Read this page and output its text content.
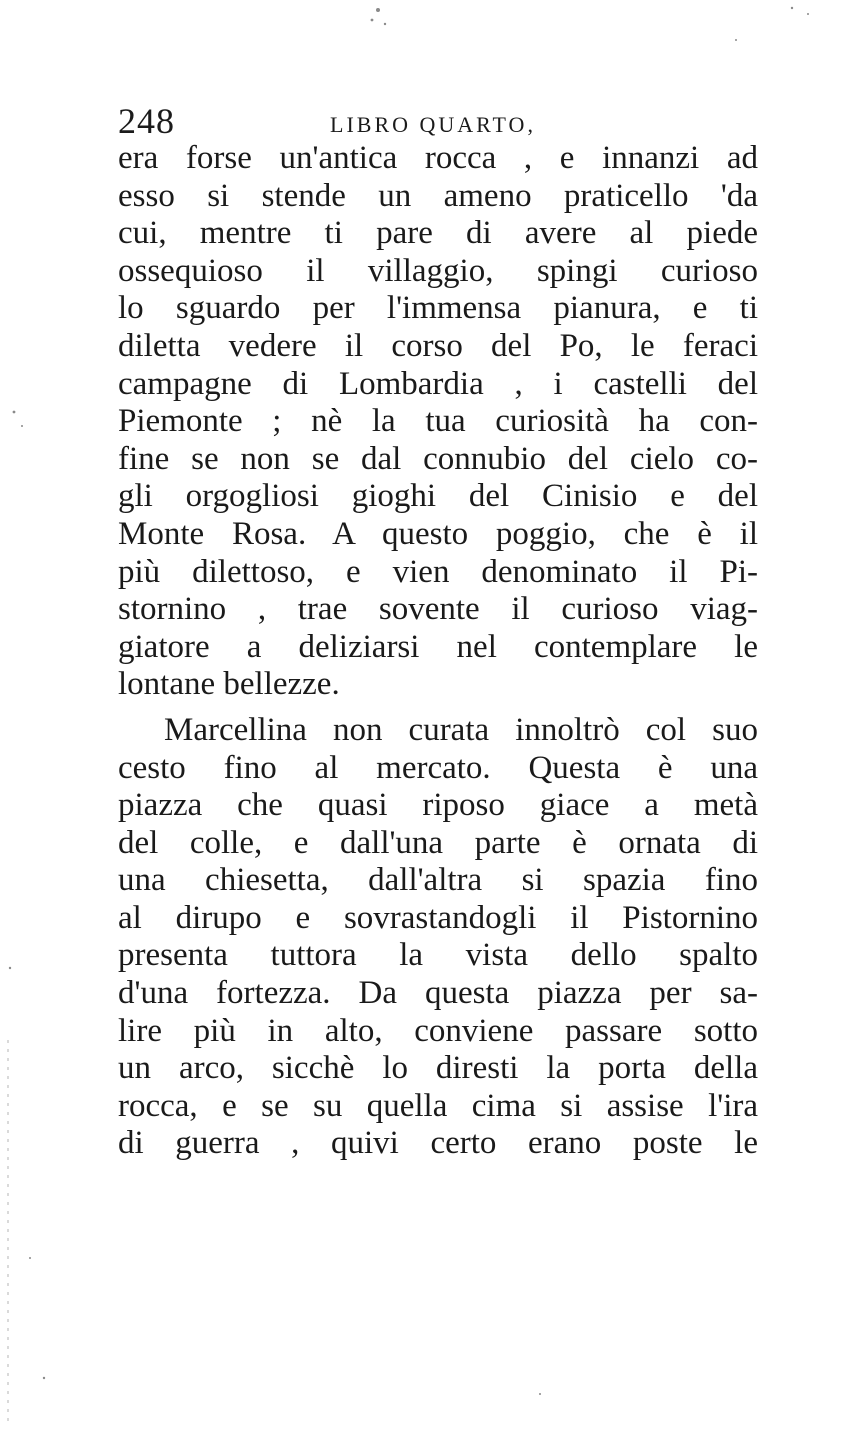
248	LIBRO QUARTO,
era forse un'antica rocca , e innanzi ad
esso si stende un ameno praticello 'da
cui, mentre ti pare di avere al piede
ossequioso il villaggio, spingi curioso
lo sguardo per l'immensa pianura, e ti
diletta vedere il corso del Po, le feraci
campagne di Lombardia , i castelli del
Piemonte ; nè la tua curiosità ha con-
fine se non se dal connubio del cielo co-
gli orgogliosi gioghi del Cinisio e del
Monte Rosa. A questo poggio, che è il
più dilettoso, e vien denominato il Pi-
stornino , trae sovente il curioso viag-
giatore a deliziarsi nel contemplare le
lontane bellezze.
Marcellina non curata innoltrò col suo
cesto fino al mercato. Questa è una
piazza che quasi riposo giace a metà
del colle, e dall'una parte è ornata di
una chiesetta, dall'altra si spazia fino
al dirupo e sovrastandogli il Pistornino
presenta tuttora la vista dello spalto
d'una fortezza. Da questa piazza per sa-
lire più in alto, conviene passare sotto
un arco, sicchè lo diresti la porta della
rocca, e se su quella cima si assise l'ira
di guerra , quivi certo erano poste le
